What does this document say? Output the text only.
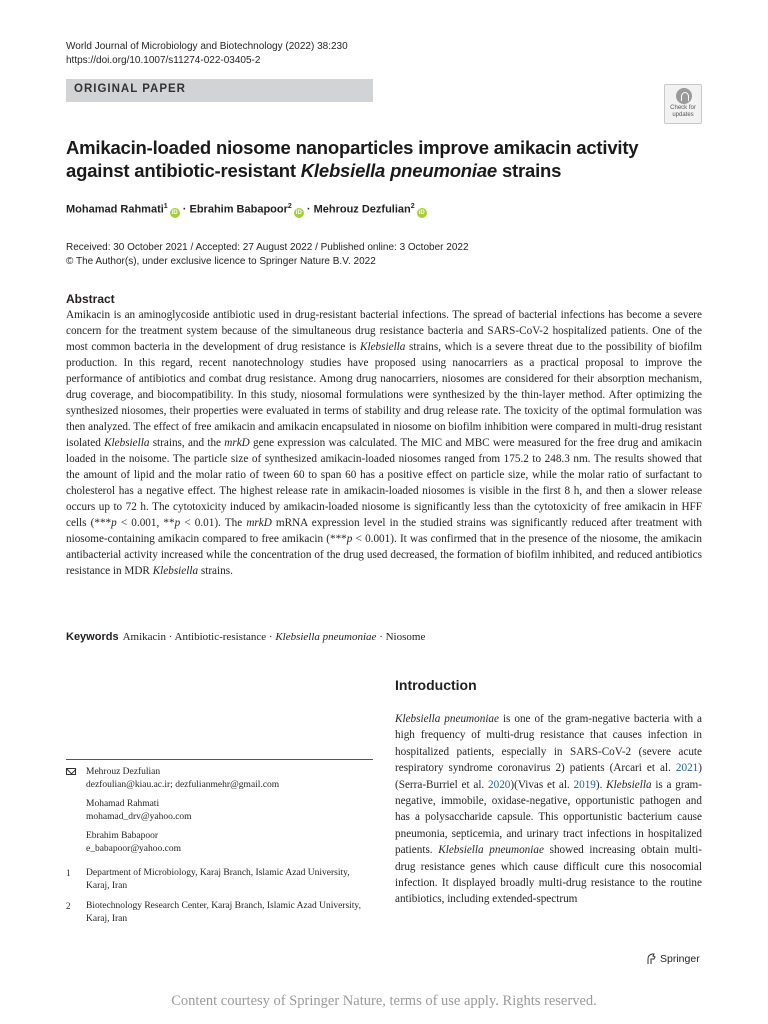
World Journal of Microbiology and Biotechnology (2022) 38:230
https://doi.org/10.1007/s11274-022-03405-2
ORIGINAL PAPER
Check for
updates
Amikacin-loaded niosome nanoparticles improve amikacin activity
against antibiotic-resistant Klebsiella pneumoniae strains
Mohamad Rahmati$^1$iD · Ebrahim Babapoor$^2$iD · Mehrouz Dezfulian$^2$iD
Received: 30 October 2021 / Accepted: 27 August 2022 / Published online: 3 October 2022
© The Author(s), under exclusive licence to Springer Nature B.V. 2022
Abstract
Amikacin is an aminoglycoside antibiotic used in drug-resistant bacterial infections. The spread of bacterial infections has become a severe concern for the treatment system because of the simultaneous drug resistance bacteria and SARS-CoV-2 hospitalized patients. One of the most common bacteria in the development of drug resistance is Klebsiella strains, which is a severe threat due to the possibility of biofilm production. In this regard, recent nanotechnology studies have proposed using nanocarriers as a practical proposal to improve the performance of antibiotics and combat drug resistance. Among drug nanocarriers, niosomes are considered for their absorption mechanism, drug coverage, and biocompatibility. In this study, niosomal formulations were synthesized by the thin-layer method. After optimizing the synthesized niosomes, their properties were evaluated in terms of stability and drug release rate. The toxicity of the optimal formulation was then analyzed. The effect of free amikacin and amikacin encapsulated in niosome on biofilm inhibition were compared in multi-drug resistant isolated Klebsiella strains, and the mrkD gene expression was calculated. The MIC and MBC were measured for the free drug and amikacin loaded in the noisome. The particle size of synthesized amikacin-loaded niosomes ranged from 175.2 to 248.3 nm. The results showed that the amount of lipid and the molar ratio of tween 60 to span 60 has a positive effect on particle size, while the molar ratio of surfactant to cholesterol has a negative effect. The highest release rate in amikacin-loaded niosomes is visible in the first 8 h, and then a slower release occurs up to 72 h. The cytotoxicity induced by amikacin-loaded niosome is significantly less than the cytotoxicity of free amikacin in HFF cells (***p < 0.001, **p < 0.01). The mrkD mRNA expression level in the studied strains was significantly reduced after treatment with niosome-containing amikacin compared to free amikacin (***p < 0.001). It was confirmed that in the presence of the niosome, the amikacin antibacterial activity increased while the concentration of the drug used decreased, the formation of biofilm inhibited, and reduced antibiotics resistance in MDR Klebsiella strains.
Keywords Amikacin · Antibiotic-resistance · Klebsiella pneumoniae · Niosome
Introduction
Klebsiella pneumoniae is one of the gram-negative bacteria with a high frequency of multi-drug resistance that causes infection in hospitalized patients, especially in SARS-CoV-2 (severe acute respiratory syndrome coronavirus 2) patients (Arcari et al. 2021)(Serra-Burriel et al. 2020)(Vivas et al. 2019). Klebsiella is a gram-negative, immobile, oxidase-negative, opportunistic pathogen and has a polysaccharide capsule. This opportunistic bacterium cause pneumonia, septicemia, and urinary tract infections in hospitalized patients. Klebsiella pneumoniae showed increasing obtain multi-drug resistance genes which cause difficult cure this nosocomial infection. It displayed broadly multi-drug resistance to the routine antibiotics, including extended-spectrum
Mehrouz Dezfulian
dezfoulian@kiau.ac.ir; dezfulianmehr@gmail.com
Mohamad Rahmati
mohamad_drv@yahoo.com
Ebrahim Babapoor
e_babapoor@yahoo.com
1 Department of Microbiology, Karaj Branch, Islamic Azad University, Karaj, Iran
2 Biotechnology Research Center, Karaj Branch, Islamic Azad University, Karaj, Iran
Springer
Content courtesy of Springer Nature, terms of use apply. Rights reserved.
